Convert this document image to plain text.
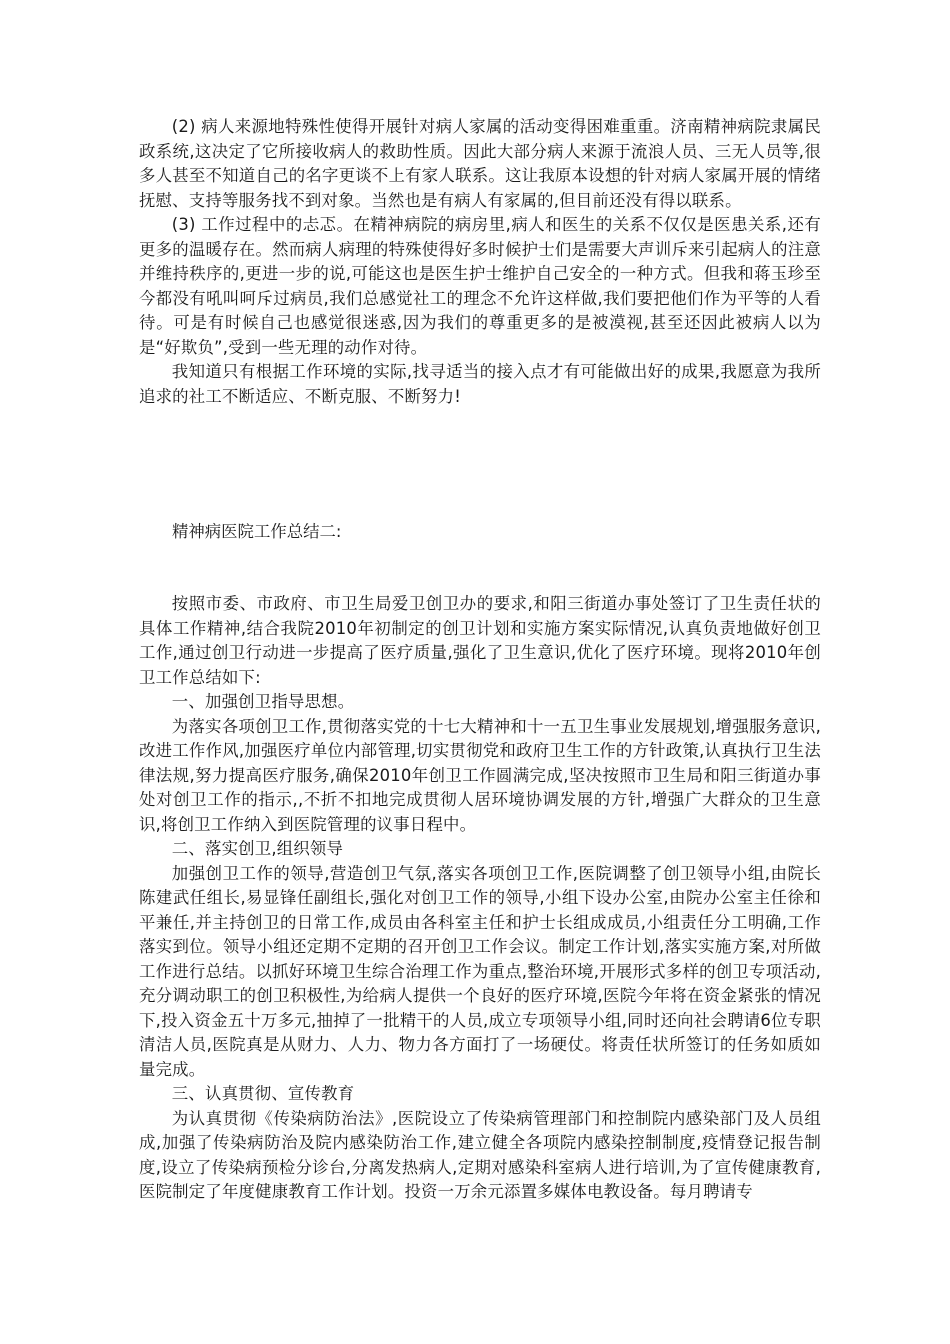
(2) 病人来源地特殊性使得开展针对病人家属的活动变得困难重重。济南精神病院隶属民政系统,这决定了它所接收病人的救助性质。因此大部分病人来源于流浪人员、三无人员等,很多人甚至不知道自己的名字更谈不上有家人联系。这让我原本设想的针对病人家属开展的情绪抚慰、支持等服务找不到对象。当然也是有病人有家属的,但目前还没有得以联系。

(3) 工作过程中的忐忑。在精神病院的病房里,病人和医生的关系不仅仅是医患关系,还有更多的温暖存在。然而病人病理的特殊使得好多时候护士们是需要大声训斥来引起病人的注意并维持秩序的,更进一步的说,可能这也是医生护士维护自己安全的一种方式。但我和蒋玉珍至今都没有吼叫呵斥过病员,我们总感觉社工的理念不允许这样做,我们要把他们作为平等的人看待。可是有时候自己也感觉很迷惑,因为我们的尊重更多的是被漠视,甚至还因此被病人以为是“好欺负”,受到一些无理的动作对待。

我知道只有根据工作环境的实际,找寻适当的接入点才有可能做出好的成果,我愿意为我所追求的社工不断适应、不断克服、不断努力!

精神病医院工作总结二:

按照市委、市政府、市卫生局爱卫创卫办的要求,和阳三街道办事处签订了卫生责任状的具体工作精神,结合我院2010年初制定的创卫计划和实施方案实际情况,认真负责地做好创卫工作,通过创卫行动进一步提高了医疗质量,强化了卫生意识,优化了医疗环境。现将2010年创卫工作总结如下:

一、加强创卫指导思想。

为落实各项创卫工作,贯彻落实党的十七大精神和十一五卫生事业发展规划,增强服务意识,改进工作作风,加强医疗单位内部管理,切实贯彻党和政府卫生工作的方针政策,认真执行卫生法律法规,努力提高医疗服务,确保2010年创卫工作圆满完成,坚决按照市卫生局和阳三街道办事处对创卫工作的指示,,不折不扣地完成贯彻人居环境协调发展的方针,增强广大群众的卫生意识,将创卫工作纳入到医院管理的议事日程中。

二、落实创卫,组织领导

加强创卫工作的领导,营造创卫气氛,落实各项创卫工作,医院调整了创卫领导小组,由院长陈建武任组长,易显锋任副组长,强化对创卫工作的领导,小组下设办公室,由院办公室主任徐和平兼任,并主持创卫的日常工作,成员由各科室主任和护士长组成成员,小组责任分工明确,工作落实到位。领导小组还定期不定期的召开创卫工作会议。制定工作计划,落实实施方案,对所做工作进行总结。以抓好环境卫生综合治理工作为重点,整治环境,开展形式多样的创卫专项活动,充分调动职工的创卫积极性,为给病人提供一个良好的医疗环境,医院今年将在资金紧张的情况下,投入资金五十万多元,抽掉了一批精干的人员,成立专项领导小组,同时还向社会聘请6位专职清洁人员,医院真是从财力、人力、物力各方面打了一场硬仗。将责任状所签订的任务如质如量完成。

三、认真贯彻、宣传教育

为认真贯彻《传染病防治法》,医院设立了传染病管理部门和控制院内感染部门及人员组成,加强了传染病防治及院内感染防治工作,建立健全各项院内感染控制制度,疫情登记报告制度,设立了传染病预检分诊台,分离发热病人,定期对感染科室病人进行培训,为了宣传健康教育,医院制定了年度健康教育工作计划。投资一万余元添置多媒体电教设备。每月聘请专
